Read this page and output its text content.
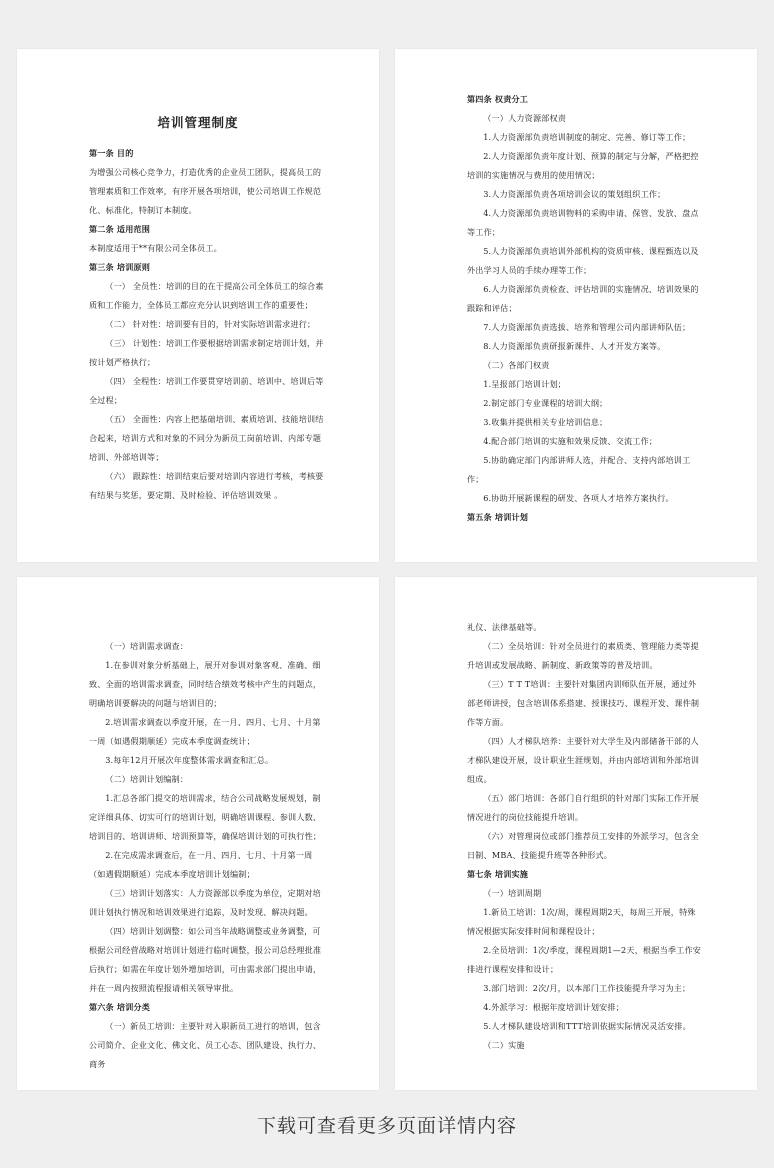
培训管理制度

第一条 目的

为增强公司核心竞争力，打造优秀的企业员工团队，提高员工的管理素质和工作效率，有序开展各项培训，使公司培训工作规范化、标准化，特制订本制度。

第二条 适用范围

本制度适用于**有限公司全体员工。

第三条 培训原则

（一） 全员性：培训的目的在于提高公司全体员工的综合素质和工作能力，全体员工都应充分认识到培训工作的重要性；

（二） 针对性：培训要有目的，针对实际培训需求进行；

（三） 计划性：培训工作要根据培训需求制定培训计划，并按计划严格执行；

（四） 全程性：培训工作要贯穿培训前、培训中、培训后等全过程；

（五） 全面性：内容上把基础培训、素质培训、技能培训结合起来，培训方式和对象的不同分为新员工岗前培训、内部专题培训、外部培训等；

（六） 跟踪性：培训结束后要对培训内容进行考核，考核要有结果与奖惩，要定期、及时检验、评估培训效果 。

第四条 权责分工

（一）人力资源部权责

1.人力资源部负责培训制度的制定、完善、修订等工作；

2.人力资源部负责年度计划、预算的制定与分解，严格把控培训的实施情况与费用的使用情况；

3.人力资源部负责各项培训会议的策划组织工作；

4.人力资源部负责培训物料的采购申请、保管、发放、盘点等工作；

5.人力资源部负责培训外部机构的资质审核、课程甄选以及外出学习人员的手续办理等工作；

6.人力资源部负责检查、评估培训的实施情况、培训效果的跟踪和评估；

7.人力资源部负责选拔、培养和管理公司内部讲师队伍；

8.人力资源部负责研报新课件、人才开发方案等。

（二）各部门权责

1.呈报部门培训计划；

2.制定部门专业课程的培训大纲；

3.收集并提供相关专业培训信息；

4.配合部门培训的实施和效果反馈、交流工作；

5.协助确定部门内部讲师人选，并配合、支持内部培训工作；

6.协助开展新课程的研发、各项人才培养方案执行。

第五条 培训计划

（一）培训需求调查：

1.在参训对象分析基础上，展开对参训对象客观、准确、细致、全面的培训需求调查，同时结合绩效考核中产生的问题点，明确培训要解决的问题与培训目的；

2.培训需求调查以季度开展，在一月、四月、七月、十月第一周（如遇假期顺延）完成本季度调查统计；

3.每年12月开展次年度整体需求调查和汇总。

（二）培训计划编制：

1.汇总各部门提交的培训需求，结合公司战略发展规划，制定详细具体、切实可行的培训计划，明确培训课程、参训人数、培训目的、培训讲师、培训预算等，确保培训计划的可执行性；

2.在完成需求调查后，在一月、四月、七月、十月第一周（如遇假期顺延）完成本季度培训计划编制；

（三）培训计划落实：人力资源部以季度为单位，定期对培训计划执行情况和培训效果进行追踪，及时发现、解决问题。

（四）培训计划调整：如公司当年战略调整或业务调整，可根据公司经营战略对培训计划进行临时调整，报公司总经理批准后执行；如需在年度计划外增加培训，可由需求部门提出申请，并在一周内按照流程报请相关领导审批。

第六条 培训分类

（一）新员工培训：主要针对入职新员工进行的培训，包含公司简介、企业文化、佛文化、员工心态、团队建设、执行力、商务

礼仪、法律基础等。

（二）全员培训：针对全员进行的素质类、管理能力类等提升培训或发展战略、新制度、新政策等的普及培训。

（三）T T T培训：主要针对集团内训师队伍开展，通过外部老师讲授，包含培训体系搭建、授课技巧、课程开发、课件制作等方面。

（四）人才梯队培养：主要针对大学生及内部储备干部的人才梯队建设开展，设计职业生涯规划，并由内部培训和外部培训组成。

（五）部门培训：各部门自行组织的针对部门实际工作开展情况进行的岗位技能提升培训。

（六）对管理岗位或部门推荐员工安排的外派学习，包含全日制、MBA、技能提升班等各种形式。

第七条 培训实施

（一）培训周期

1.新员工培训：1次/周，课程周期2天，每周三开展，特殊情况根据实际安排时间和课程设计；

2.全员培训：1次/季度，课程周期1—2天，根据当季工作安排进行课程安排和设计；

3.部门培训：2次/月，以本部门工作技能提升学习为主；

4.外派学习：根据年度培训计划安排；

5.人才梯队建设培训和TTT培训依据实际情况灵活安排。

（二）实施

下载可查看更多页面详情内容
